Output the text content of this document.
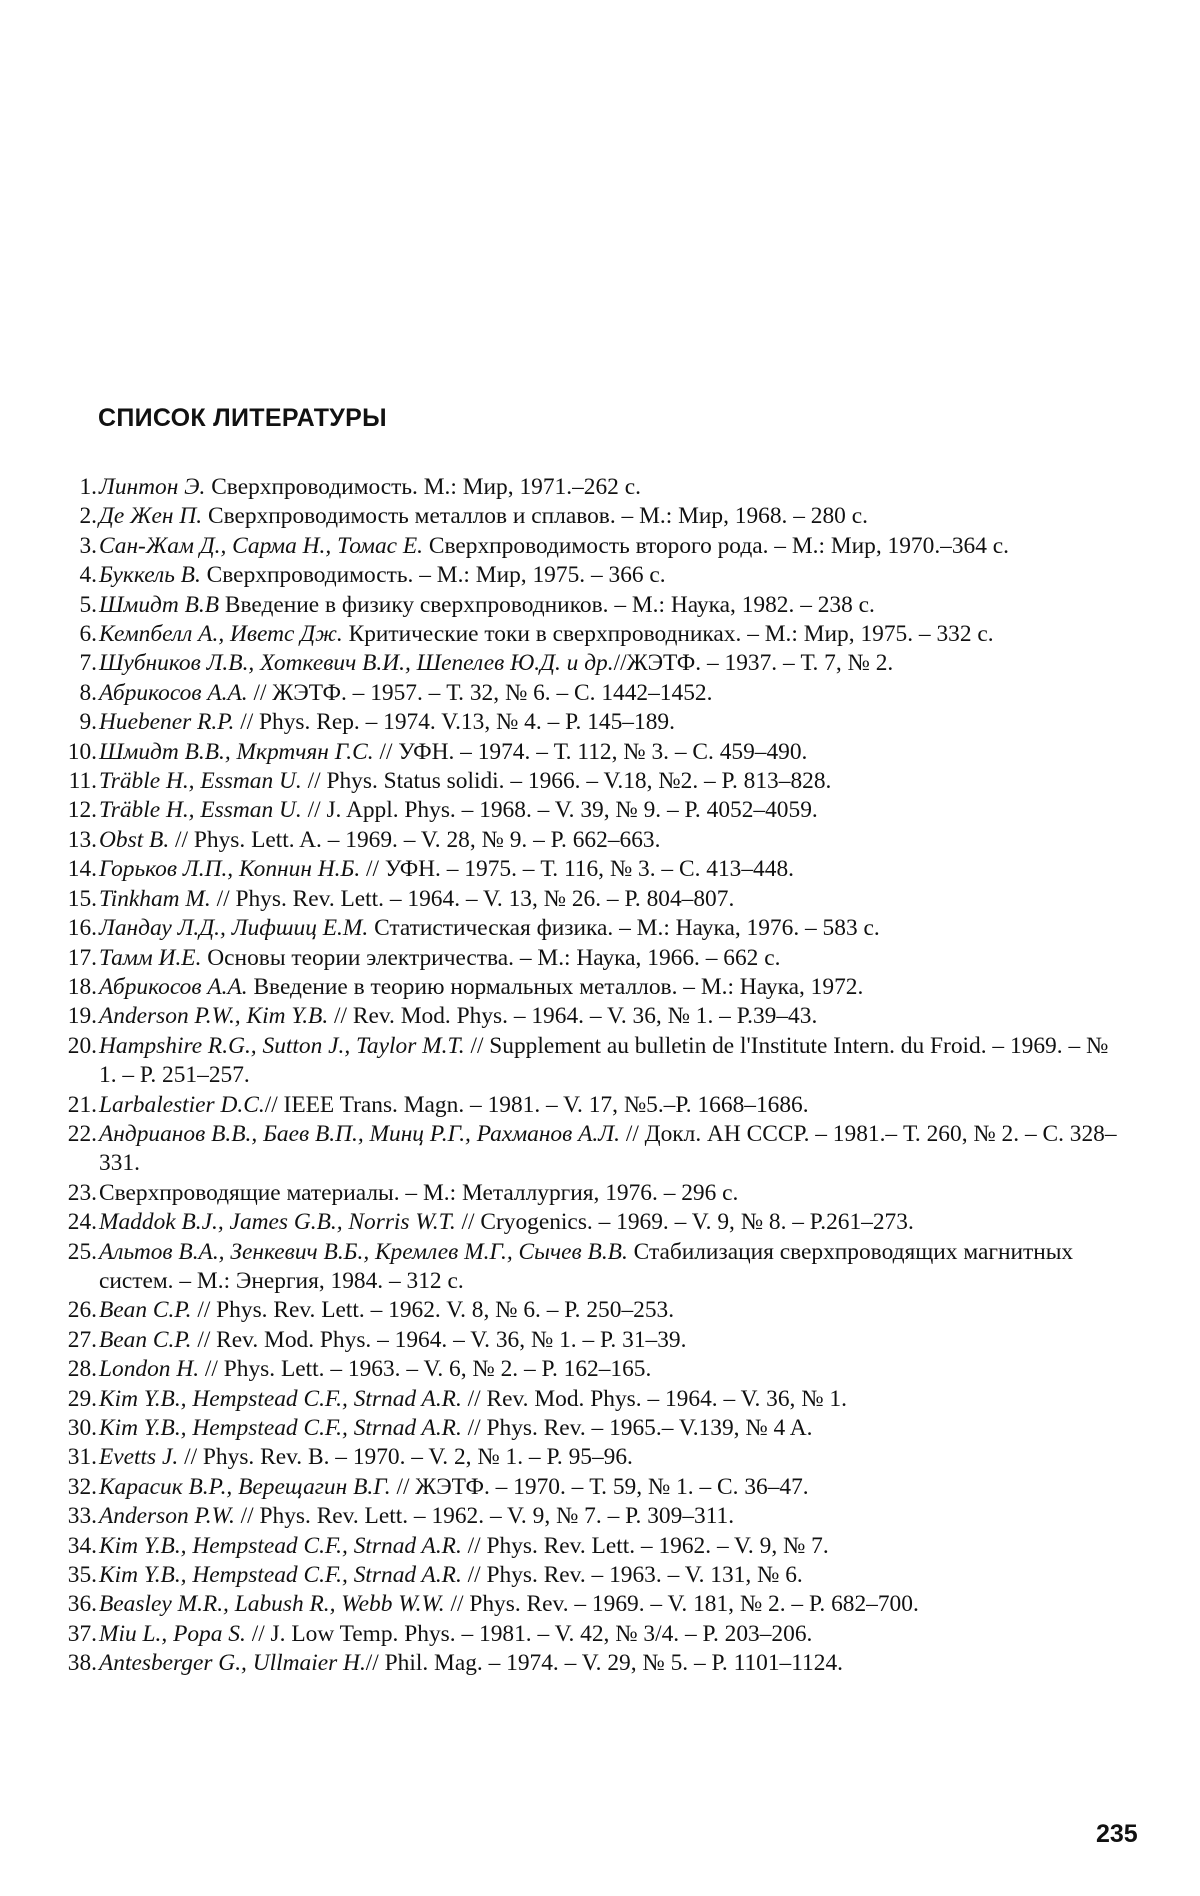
СПИСОК ЛИТЕРАТУРЫ
1. Линтон Э. Сверхпроводимость. М.: Мир, 1971.–262 с.
2. Де Жен П. Сверхпроводимость металлов и сплавов. – М.: Мир, 1968. – 280 с.
3. Сан-Жам Д., Сарма Н., Томас Е. Сверхпроводимость второго рода. – М.: Мир, 1970.–364 с.
4. Буккель В. Сверхпроводимость. – М.: Мир, 1975. – 366 с.
5. Шмидт В.В Введение в физику сверхпроводников. – М.: Наука, 1982. – 238 с.
6. Кемпбелл А., Иветс Дж. Критические токи в сверхпроводниках. – М.: Мир, 1975. – 332 с.
7. Шубников Л.В., Хоткевич В.И., Шепелев Ю.Д. и др.//ЖЭТФ. – 1937. – Т. 7, № 2.
8. Абрикосов А.А. // ЖЭТФ. – 1957. – Т. 32, № 6. – С. 1442–1452.
9. Huebener R.P. // Phys. Rep. – 1974. V.13, № 4. – P. 145–189.
10. Шмидт В.В., Мкртчян Г.С. // УФН. – 1974. – Т. 112, № 3. – С. 459–490.
11. Träble H., Essman U. // Phys. Status solidi. – 1966. – V.18, №2. – P. 813–828.
12. Träble H., Essman U. // J. Appl. Phys. – 1968. – V. 39, № 9. – P. 4052–4059.
13. Obst B. // Phys. Lett. A. – 1969. – V. 28, № 9. – P. 662–663.
14. Горьков Л.П., Копнин Н.Б. // УФН. – 1975. – Т. 116, № 3. – С. 413–448.
15. Tinkham M. // Phys. Rev. Lett. – 1964. – V. 13, № 26. – P. 804–807.
16. Ландау Л.Д., Лифшиц Е.М. Статистическая физика. – М.: Наука, 1976. – 583 с.
17. Тамм И.Е. Основы теории электричества. – М.: Наука, 1966. – 662 с.
18. Абрикосов А.А. Введение в теорию нормальных металлов. – М.: Наука, 1972.
19. Anderson P.W., Kim Y.B. // Rev. Mod. Phys. – 1964. – V. 36, № 1. – P.39–43.
20. Hampshire R.G., Sutton J., Taylor M.T. // Supplement au bulletin de l'Institute Intern. du Froid. – 1969. – № 1. – P. 251–257.
21. Larbalestier D.C.// IEEE Trans. Magn. – 1981. – V. 17, №5.–P. 1668–1686.
22. Андрианов В.В., Баев В.П., Минц Р.Г., Рахманов А.Л. // Докл. АН СССР. – 1981.– Т. 260, № 2. – С. 328–331.
23. Сверхпроводящие материалы. – М.: Металлургия, 1976. – 296 с.
24. Maddok B.J., James G.B., Norris W.T. // Cryogenics. – 1969. – V. 9, № 8. – P.261–273.
25. Альтов В.А., Зенкевич В.Б., Кремлев М.Г., Сычев В.В. Стабилизация сверхпроводящих магнитных систем. – М.: Энергия, 1984. – 312 с.
26. Bean C.P. // Phys. Rev. Lett. – 1962. V. 8, № 6. – P. 250–253.
27. Bean C.P. // Rev. Mod. Phys. – 1964. – V. 36, № 1. – P. 31–39.
28. London H. // Phys. Lett. – 1963. – V. 6, № 2. – P. 162–165.
29. Kim Y.B., Hempstead C.F., Strnad A.R. // Rev. Mod. Phys. – 1964. – V. 36, № 1.
30. Kim Y.B., Hempstead C.F., Strnad A.R. // Phys. Rev. – 1965.– V.139, № 4 A.
31. Evetts J. // Phys. Rev. B. – 1970. – V. 2, № 1. – P. 95–96.
32. Карасик В.Р., Верещагин В.Г. // ЖЭТФ. – 1970. – Т. 59, № 1. – С. 36–47.
33. Anderson P.W. // Phys. Rev. Lett. – 1962. – V. 9, № 7. – P. 309–311.
34. Kim Y.B., Hempstead C.F., Strnad A.R. // Phys. Rev. Lett. – 1962. – V. 9, № 7.
35. Kim Y.B., Hempstead C.F., Strnad A.R. // Phys. Rev. – 1963. – V. 131, № 6.
36. Beasley M.R., Labush R., Webb W.W. // Phys. Rev. – 1969. – V. 181, № 2. – P. 682–700.
37. Miu L., Popa S. // J. Low Temp. Phys. – 1981. – V. 42, № 3/4. – P. 203–206.
38. Antesberger G., Ullmaier H.// Phil. Mag. – 1974. – V. 29, № 5. – P. 1101–1124.
235
